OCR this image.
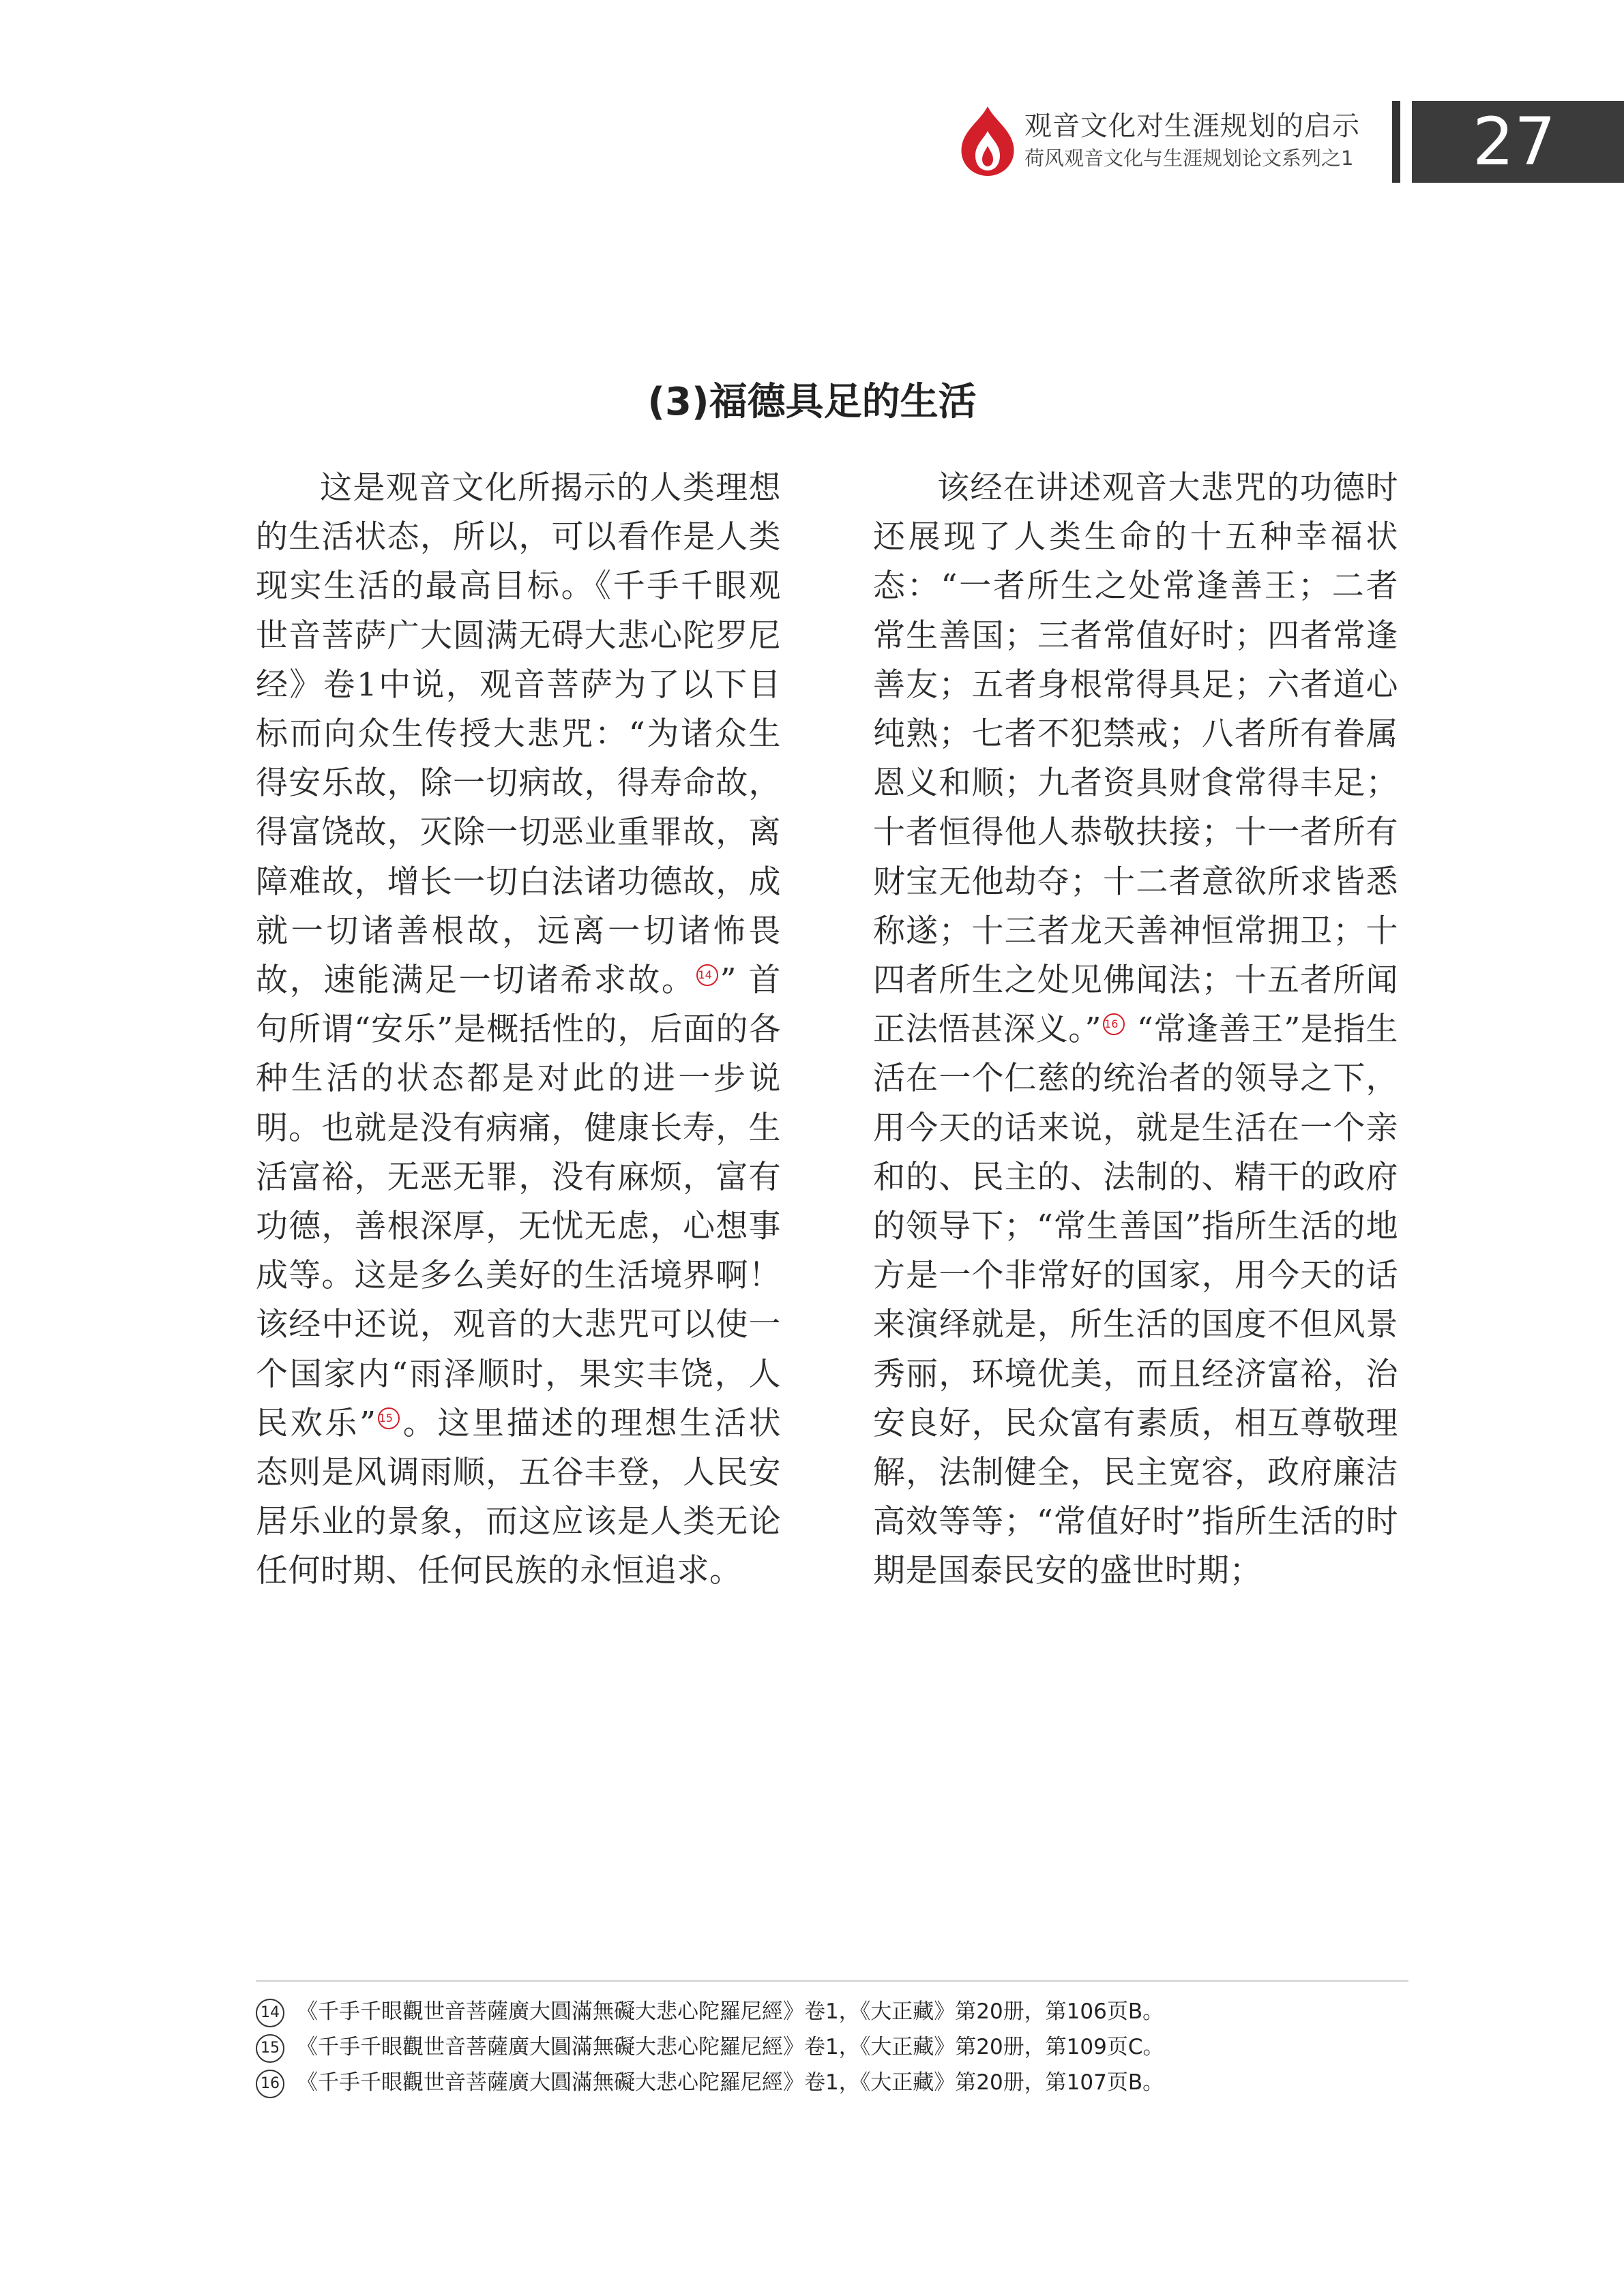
观音文化对生涯规划的启示
荷风观音文化与生涯规划论文系列之1	27
(3)福德具足的生活

这是观音文化所揭示的人类理想的生活状态，所以，可以看作是人类现实生活的最高目标。《千手千眼观世音菩萨广大圆满无碍大悲心陀罗尼经》卷1中说，观音菩萨为了以下目标而向众生传授大悲咒：“为诸众生得安乐故，除一切病故，得寿命故，得富饶故，灭除一切恶业重罪故，离障难故，增长一切白法诸功德故，成就一切诸善根故，远离一切诸怖畏故，速能满足一切诸希求故。 14 ” 首句所谓“安乐”是概括性的，后面的各种生活的状态都是对此的进一步说明。也就是没有病痛，健康长寿，生活富裕，无恶无罪，没有麻烦，富有功德，善根深厚，无忧无虑，心想事成等。这是多么美好的生活境界啊！该经中还说，观音的大悲咒可以使一个国家内“雨泽顺时，果实丰饶，人民欢乐” 15 。这里描述的理想生活状态则是风调雨顺，五谷丰登，人民安居乐业的景象，而这应该是人类无论任何时期、任何民族的永恒追求。

该经在讲述观音大悲咒的功德时还展现了人类生命的十五种幸福状态：“一者所生之处常逢善王；二者常生善国；三者常值好时；四者常逢善友；五者身根常得具足；六者道心纯熟；七者不犯禁戒；八者所有眷属恩义和顺；九者资具财食常得丰足；十者恒得他人恭敬扶接；十一者所有财宝无他劫夺；十二者意欲所求皆悉称遂；十三者龙天善神恒常拥卫；十四者所生之处见佛闻法；十五者所闻正法悟甚深义。” 16 “常逢善王”是指生活在一个仁慈的统治者的领导之下，用今天的话来说，就是生活在一个亲和的、民主的、法制的、精干的政府的领导下；“常生善国”指所生活的地方是一个非常好的国家，用今天的话来演绎就是，所生活的国度不但风景秀丽，环境优美，而且经济富裕，治安良好，民众富有素质，相互尊敬理解，法制健全，民主宽容，政府廉洁高效等等；“常值好时”指所生活的时期是国泰民安的盛世时期；

14 《千手千眼觀世音菩薩廣大圓滿無礙大悲心陀羅尼經》卷1，《大正藏》第20册，第106页B。
15 《千手千眼觀世音菩薩廣大圓滿無礙大悲心陀羅尼經》卷1，《大正藏》第20册，第109页C。
16 《千手千眼觀世音菩薩廣大圓滿無礙大悲心陀羅尼經》卷1，《大正藏》第20册，第107页B。
